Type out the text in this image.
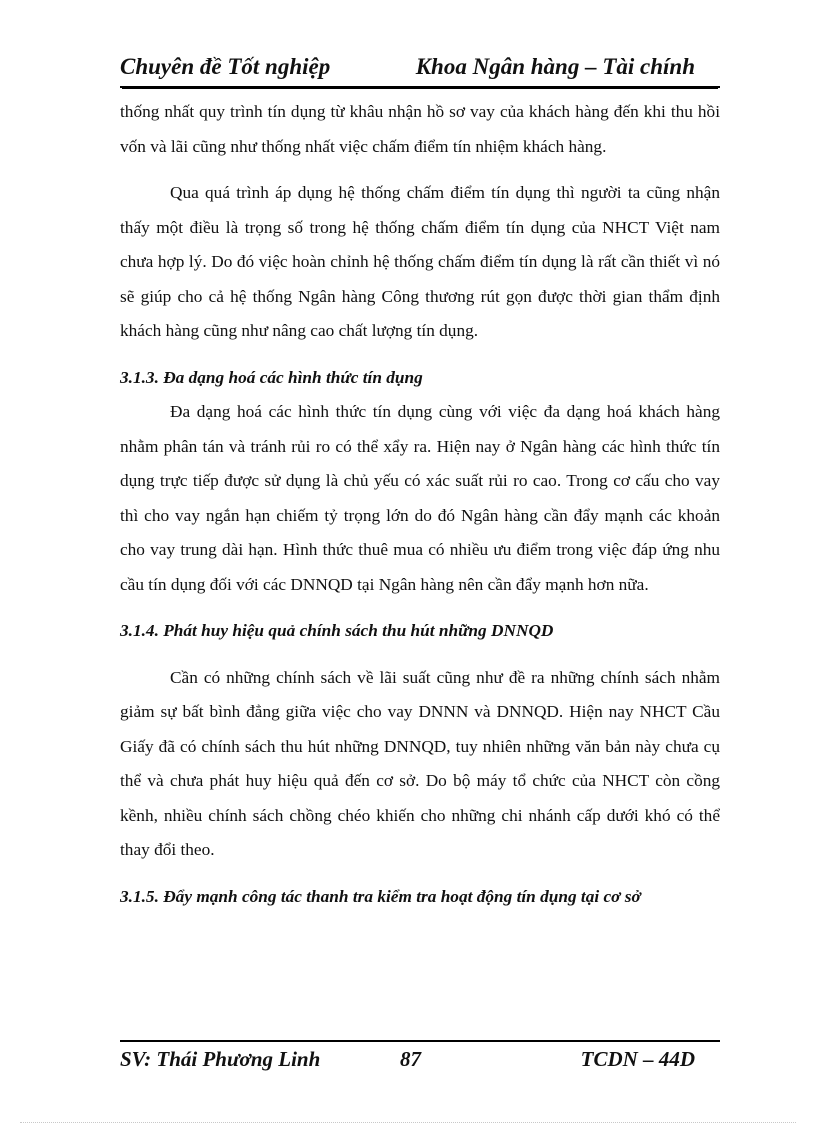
Chuyên đề Tốt nghiệp	Khoa Ngân hàng – Tài chính

thống nhất quy trình tín dụng từ khâu nhận hồ sơ vay của khách hàng đến khi thu hồi vốn và lãi cũng như thống nhất việc chấm điểm tín nhiệm khách hàng.

Qua quá trình áp dụng hệ thống chấm điểm tín dụng thì người ta cũng nhận thấy một điều là trọng số trong hệ thống chấm điểm tín dụng của NHCT Việt nam chưa hợp lý. Do đó việc hoàn chỉnh hệ thống chấm điểm tín dụng là rất cần thiết vì nó sẽ giúp cho cả hệ thống Ngân hàng Công thương rút gọn được thời gian thẩm định khách hàng cũng như nâng cao chất lượng tín dụng.

3.1.3. Đa dạng hoá các hình thức tín dụng

Đa dạng hoá các hình thức tín dụng cùng với việc đa dạng hoá khách hàng nhằm phân tán và tránh rủi ro có thể xẩy ra. Hiện nay ở Ngân hàng các hình thức tín dụng trực tiếp được sử dụng là chủ yếu có xác suất rủi ro cao. Trong cơ cấu cho vay thì cho vay ngắn hạn chiếm tỷ trọng lớn do đó Ngân hàng cần đẩy mạnh các khoản cho vay trung dài hạn. Hình thức thuê mua có nhiều ưu điểm trong việc đáp ứng nhu cầu tín dụng đối với các DNNQD tại Ngân hàng nên cần đẩy mạnh hơn nữa.

3.1.4. Phát huy hiệu quả chính sách thu hút những DNNQD

Cần có những chính sách về lãi suất cũng như đề ra những chính sách nhằm giảm sự bất bình đẳng giữa việc cho vay DNNN và DNNQD. Hiện nay NHCT Cầu Giấy đã có chính sách thu hút những DNNQD, tuy nhiên những văn bản này chưa cụ thể và chưa phát huy hiệu quả đến cơ sở. Do bộ máy tổ chức của NHCT còn cồng kềnh, nhiều chính sách chồng chéo khiến cho những chi nhánh cấp dưới khó có thể thay đổi theo.

3.1.5. Đẩy mạnh công tác thanh tra kiểm tra hoạt động tín dụng tại cơ sở

SV: Thái Phương Linh	87	TCDN – 44D
